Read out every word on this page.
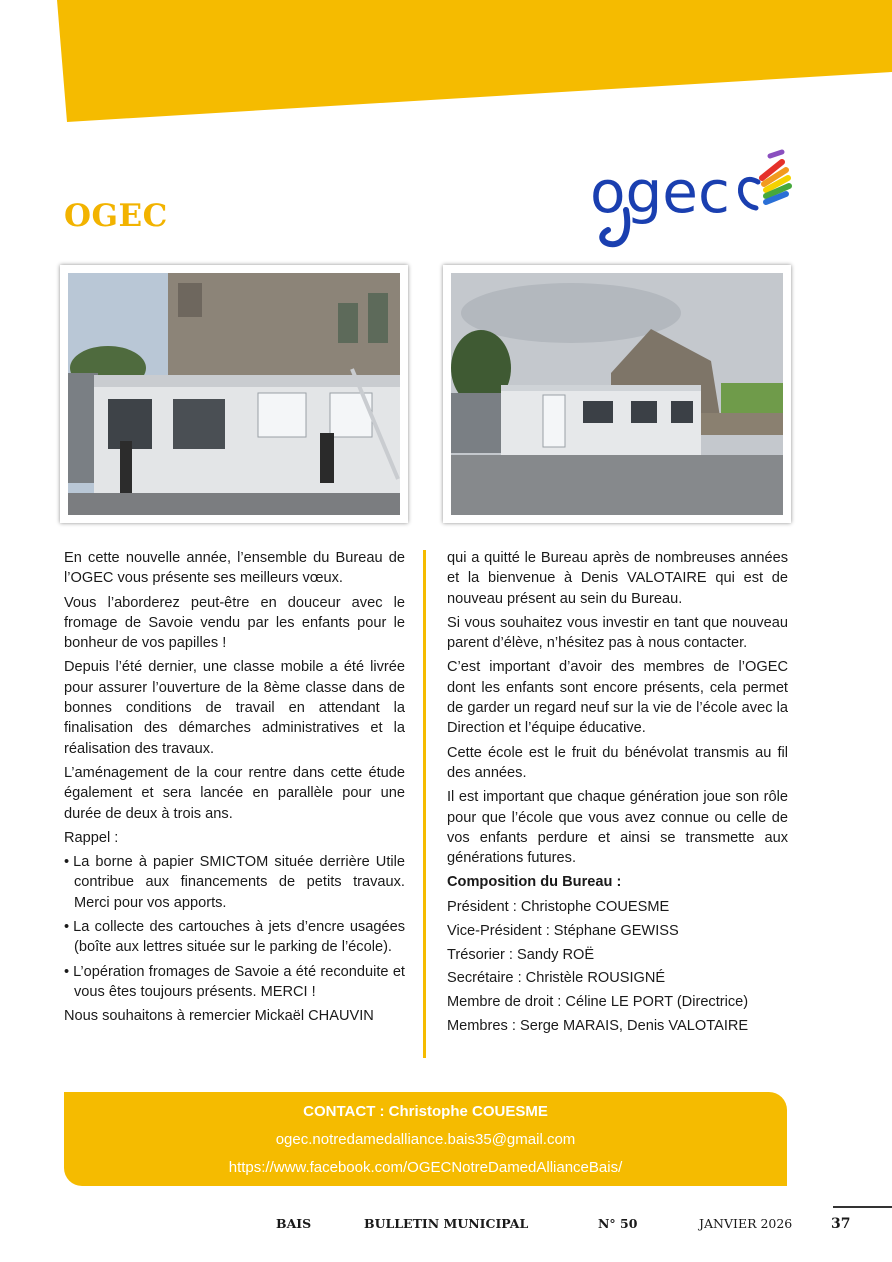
OGEC	ogec

En cette nouvelle année, l’ensemble du Bureau de l’OGEC vous présente ses meilleurs vœux.

Vous l’aborderez peut-être en douceur avec le fromage de Savoie vendu par les enfants pour le bonheur de vos papilles !

Depuis l’été dernier, une classe mobile a été livrée pour assurer l’ouverture de la 8ème classe dans de bonnes conditions de travail en attendant la finalisation des démarches administratives et la réalisation des travaux.

L’aménagement de la cour rentre dans cette étude également et sera lancée en parallèle pour une durée de deux à trois ans.

Rappel :

• La borne à papier SMICTOM située derrière Utile contribue aux financements de petits travaux. Merci pour vos apports.
• La collecte des cartouches à jets d’encre usagées (boîte aux lettres située sur le parking de l’école).
• L’opération fromages de Savoie a été reconduite et vous êtes toujours présents. MERCI !

Nous souhaitons à remercier Mickaël CHAUVIN

qui a quitté le Bureau après de nombreuses années et la bienvenue à Denis VALOTAIRE qui est de nouveau présent au sein du Bureau.

Si vous souhaitez vous investir en tant que nouveau parent d’élève, n’hésitez pas à nous contacter.

C’est important d’avoir des membres de l’OGEC dont les enfants sont encore présents, cela permet de garder un regard neuf sur la vie de l’école avec la Direction et l’équipe éducative.

Cette école est le fruit du bénévolat transmis au fil des années.

Il est important que chaque génération joue son rôle pour que l’école que vous avez connue ou celle de vos enfants perdure et ainsi se transmette aux générations futures.

Composition du Bureau :

Président : Christophe COUESME

Vice-Président : Stéphane GEWISS

Trésorier : Sandy ROË

Secrétaire : Christèle ROUSIGNÉ

Membre de droit : Céline LE PORT (Directrice)

Membres : Serge MARAIS, Denis VALOTAIRE

CONTACT : Christophe COUESME
ogec.notredamedalliance.bais35@gmail.com
https://www.facebook.com/OGECNotreDamedAllianceBais/
BAIS	BULLETIN MUNICIPAL	N° 50	JANVIER 2026	37
